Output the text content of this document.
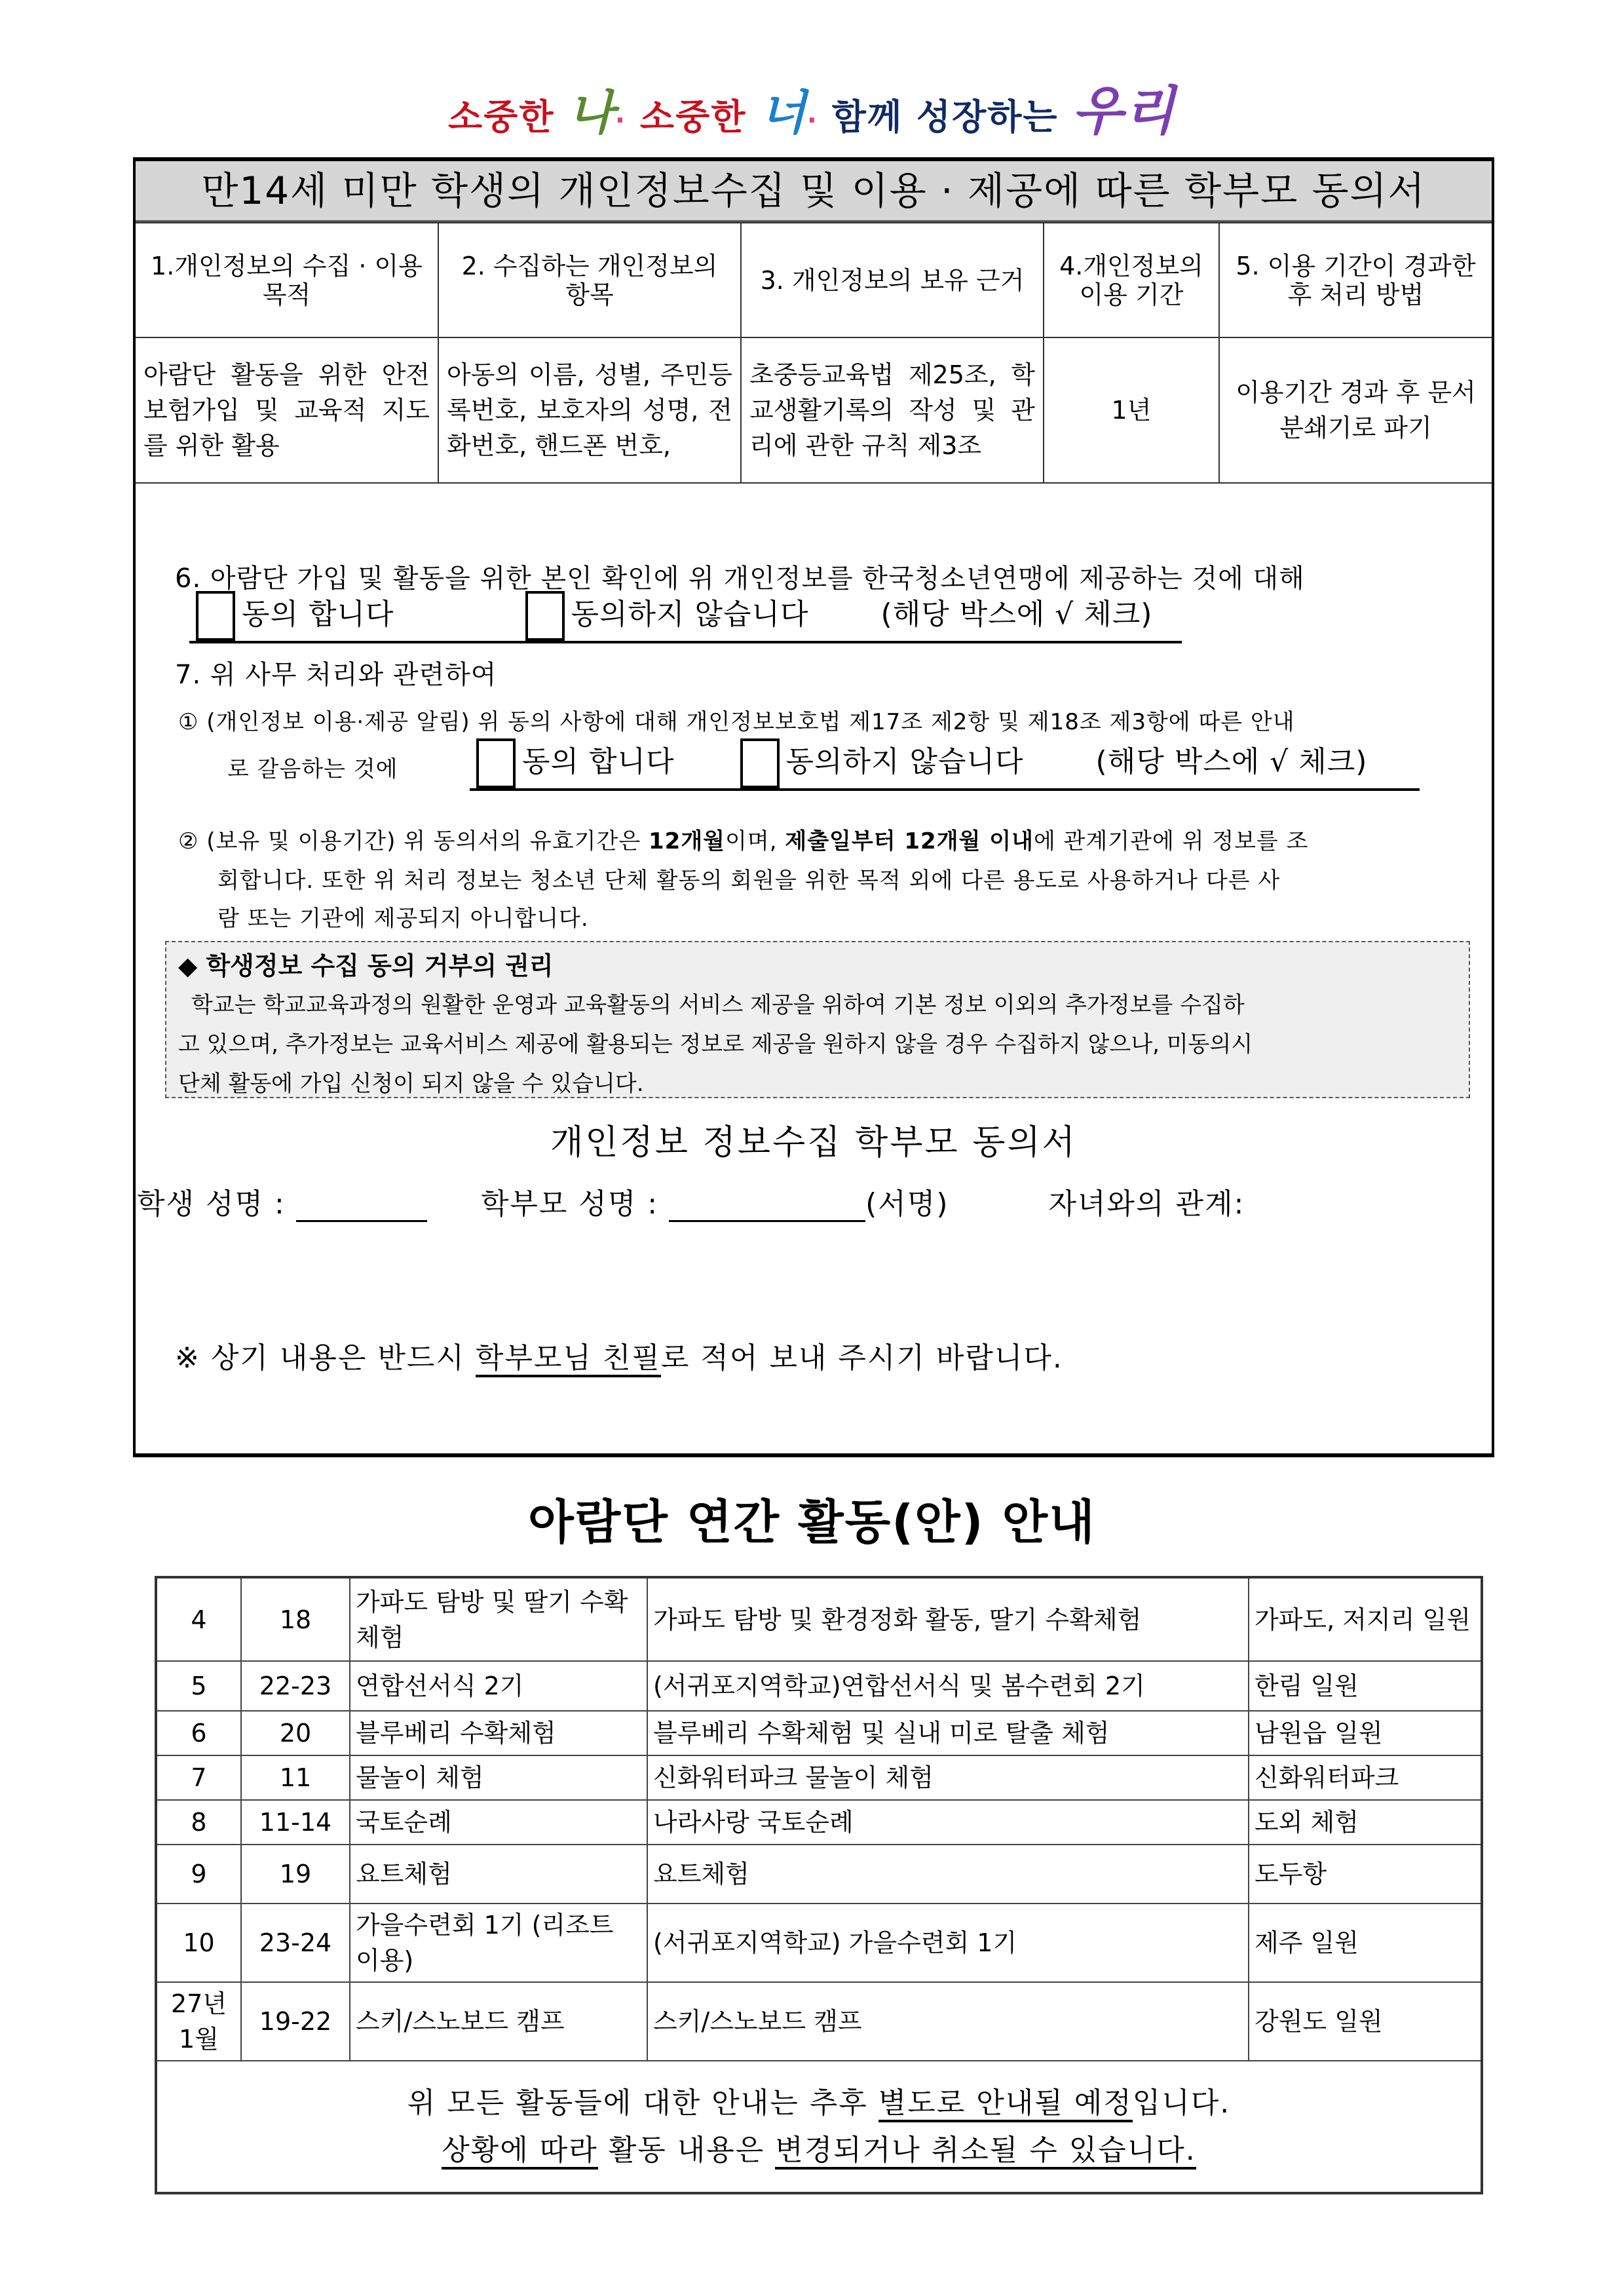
소중한 나· 소중한 너· 함께 성장하는 우리
만14세 미만 학생의 개인정보수집 및 이용 · 제공에 따른 학부모 동의서
1.개인정보의 수집 · 이용 목적	2. 수집하는 개인정보의 항목	3. 개인정보의 보유 근거	4.개인정보의 이용 기간	5. 이용 기간이 경과한 후 처리 방법
아람단 활동을 위한 안전보험가입 및 교육적 지도를 위한 활용	아동의 이름, 성별, 주민등록번호, 보호자의 성명, 전화번호, 핸드폰 번호,	초중등교육법 제25조, 학교생활기록의 작성 및 관리에 관한 규칙 제3조	1년	이용기간 경과 후 문서분쇄기로 파기
6. 아람단 가입 및 활동을 위한 본인 확인에 위 개인정보를 한국청소년연맹에 제공하는 것에 대해
동의 합니다	동의하지 않습니다	(해당 박스에 √ 체크)
7. 위 사무 처리와 관련하여
① (개인정보 이용·제공 알림) 위 동의 사항에 대해 개인정보보호법 제17조 제2항 및 제18조 제3항에 따른 안내
로 갈음하는 것에	동의 합니다	동의하지 않습니다	(해당 박스에 √ 체크)
② (보유 및 이용기간) 위 동의서의 유효기간은 12개월이며, 제출일부터 12개월 이내에 관계기관에 위 정보를 조
회합니다. 또한 위 처리 정보는 청소년 단체 활동의 회원을 위한 목적 외에 다른 용도로 사용하거나 다른 사
람 또는 기관에 제공되지 아니합니다.
◆ 학생정보 수집 동의 거부의 권리
학교는 학교교육과정의 원활한 운영과 교육활동의 서비스 제공을 위하여 기본 정보 이외의 추가정보를 수집하
고 있으며, 추가정보는 교육서비스 제공에 활용되는 정보로 제공을 원하지 않을 경우 수집하지 않으나, 미동의시
단체 활동에 가입 신청이 되지 않을 수 있습니다.
개인정보 정보수집 학부모 동의서
학생 성명 :	학부모 성명 :	(서명)	자녀와의 관계:
※ 상기 내용은 반드시 학부모님 친필로 적어 보내 주시기 바랍니다.
아람단 연간 활동(안) 안내
4	18	가파도 탐방 및 딸기 수확 체험	가파도 탐방 및 환경정화 활동, 딸기 수확체험	가파도, 저지리 일원
5	22-23	연합선서식 2기	(서귀포지역학교)연합선서식 및 봄수련회 2기	한림 일원
6	20	블루베리 수확체험	블루베리 수확체험 및 실내 미로 탈출 체험	남원읍 일원
7	11	물놀이 체험	신화워터파크 물놀이 체험	신화워터파크
8	11-14	국토순례	나라사랑 국토순례	도외 체험
9	19	요트체험	요트체험	도두항
10	23-24	가을수련회 1기 (리조트 이용)	(서귀포지역학교) 가을수련회 1기	제주 일원
27년 1월	19-22	스키/스노보드 캠프	스키/스노보드 캠프	강원도 일원

위 모든 활동들에 대한 안내는 추후 별도로 안내될 예정입니다.
상황에 따라 활동 내용은 변경되거나 취소될 수 있습니다.				
